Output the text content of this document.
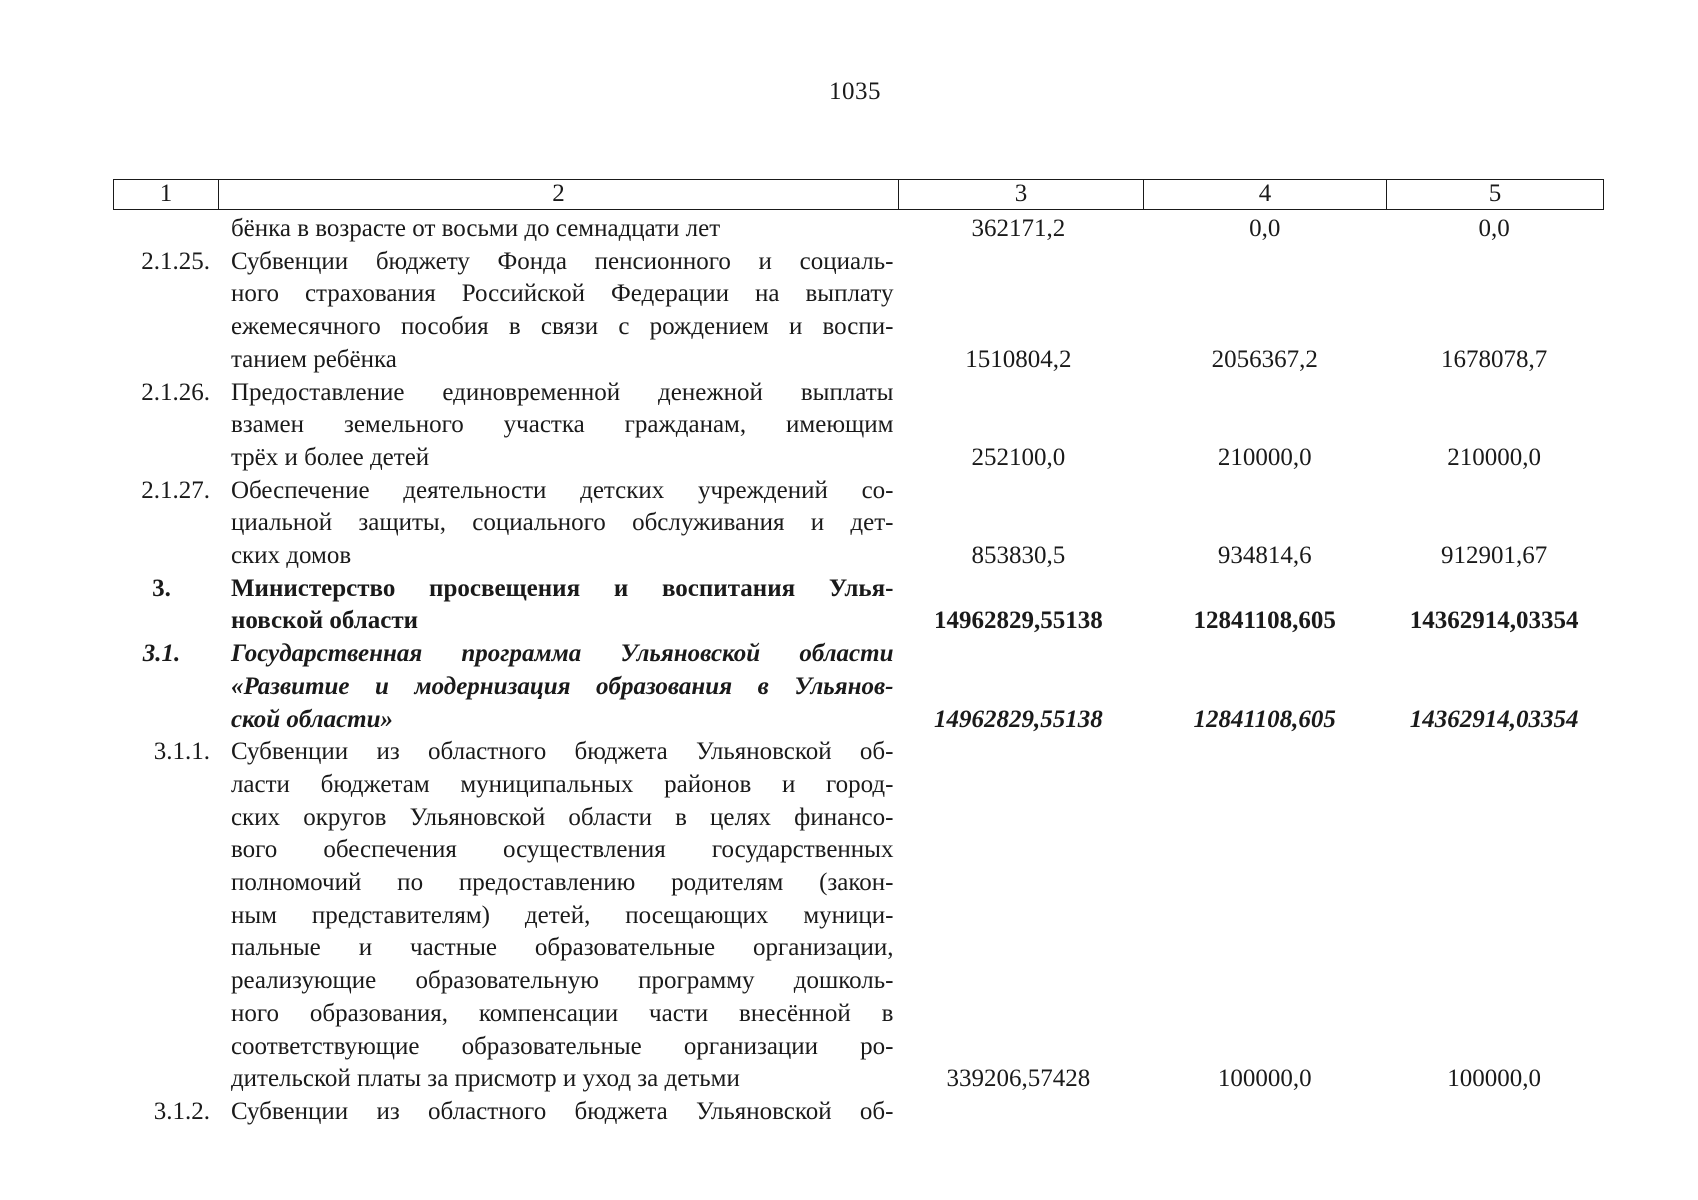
1035
1	2	3	4	5
бёнка в возрасте от восьми до семнадцати лет	362171,2	0,0	0,0
2.1.25. Субвенции бюджету Фонда пенсионного и социаль-
ного страхования Российской Федерации на выплату
ежемесячного пособия в связи с рождением и воспи-
танием ребёнка	1510804,2	2056367,2	1678078,7
2.1.26. Предоставление единовременной денежной выплаты
взамен земельного участка гражданам, имеющим
трёх и более детей	252100,0	210000,0	210000,0
2.1.27. Обеспечение деятельности детских учреждений со-
циальной защиты, социального обслуживания и дет-
ских домов	853830,5	934814,6	912901,67
3.	Министерство просвещения и воспитания Улья-
новской области	14962829,55138	12841108,605	14362914,03354
3.1.	Государственная программа Ульяновской области
«Развитие и модернизация образования в Ульянов-
ской области»	14962829,55138	12841108,605	14362914,03354
3.1.1. Субвенции из областного бюджета Ульяновской об-
ласти бюджетам муниципальных районов и город-
ских округов Ульяновской области в целях финансо-
вого обеспечения осуществления государственных
полномочий по предоставлению родителям (закон-
ным представителям) детей, посещающих муници-
пальные и частные образовательные организации,
реализующие образовательную программу дошколь-
ного образования, компенсации части внесённой в
соответствующие образовательные организации ро-
дительской платы за присмотр и уход за детьми	339206,57428	100000,0	100000,0
3.1.2. Субвенции из областного бюджета Ульяновской об-
